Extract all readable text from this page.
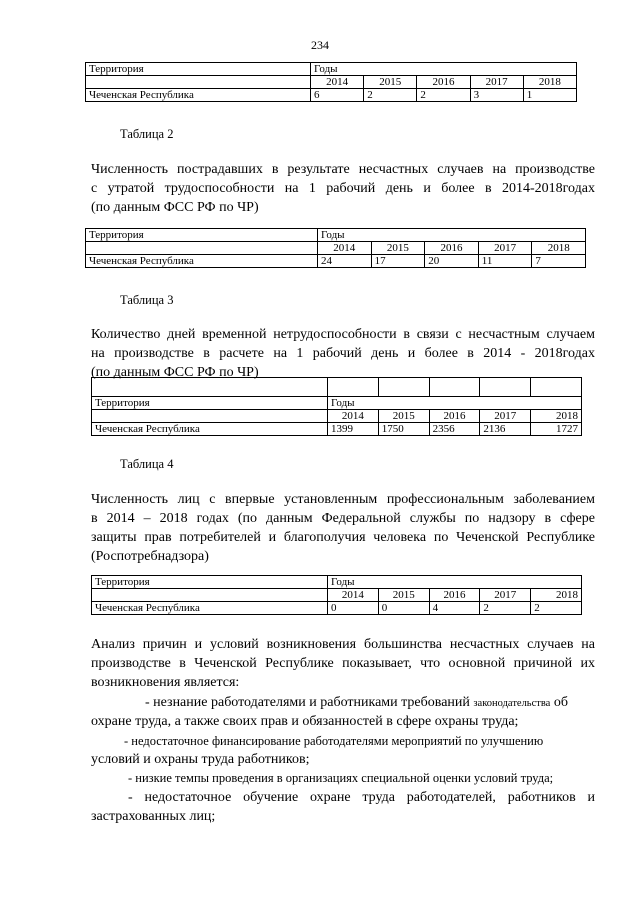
234
Территория	Годы				
	2014	2015	2016	2017	2018
Чеченская Республика	6	2	2	3	1
Таблица 2
Численность пострадавших в результате несчастных случаев на производстве
с утратой трудоспособности на 1 рабочий день и более в 2014-2018годах
(по данным ФСС РФ по ЧР)
Территория	Годы				
	2014	2015	2016	2017	2018
Чеченская Республика	24	17	20	11	7
Таблица 3
Количество дней временной нетрудоспособности в связи с несчастным случаем
на производстве в расчете на 1 рабочий день и более в 2014 - 2018годах
(по данным ФСС РФ по ЧР)

Территория	Годы				
	2014	2015	2016	2017	2018
Чеченская Республика	1399	1750	2356	2136	1727
Таблица 4
Численность лиц с впервые установленным профессиональным заболеванием
в 2014 – 2018 годах (по данным Федеральной службы по надзору в сфере
защиты прав потребителей и благополучия человека по Чеченской Республике
(Роспотребнадзора)
Территория	Годы				
	2014	2015	2016	2017	2018
Чеченская Республика	0	0	4	2	2
Анализ причин и условий возникновения большинства несчастных случаев на
производстве в Чеченской Республике показывает, что основной причиной их
возникновения является:
- незнание работодателями и работниками требований законодательства об
охране труда, а также своих прав и обязанностей в сфере охраны труда;
- недостаточное финансирование работодателями мероприятий по улучшению
условий и охраны труда работников;
- низкие темпы проведения в организациях специальной оценки условий труда;
- недостаточное обучение охране труда работодателей, работников и
застрахованных лиц;
